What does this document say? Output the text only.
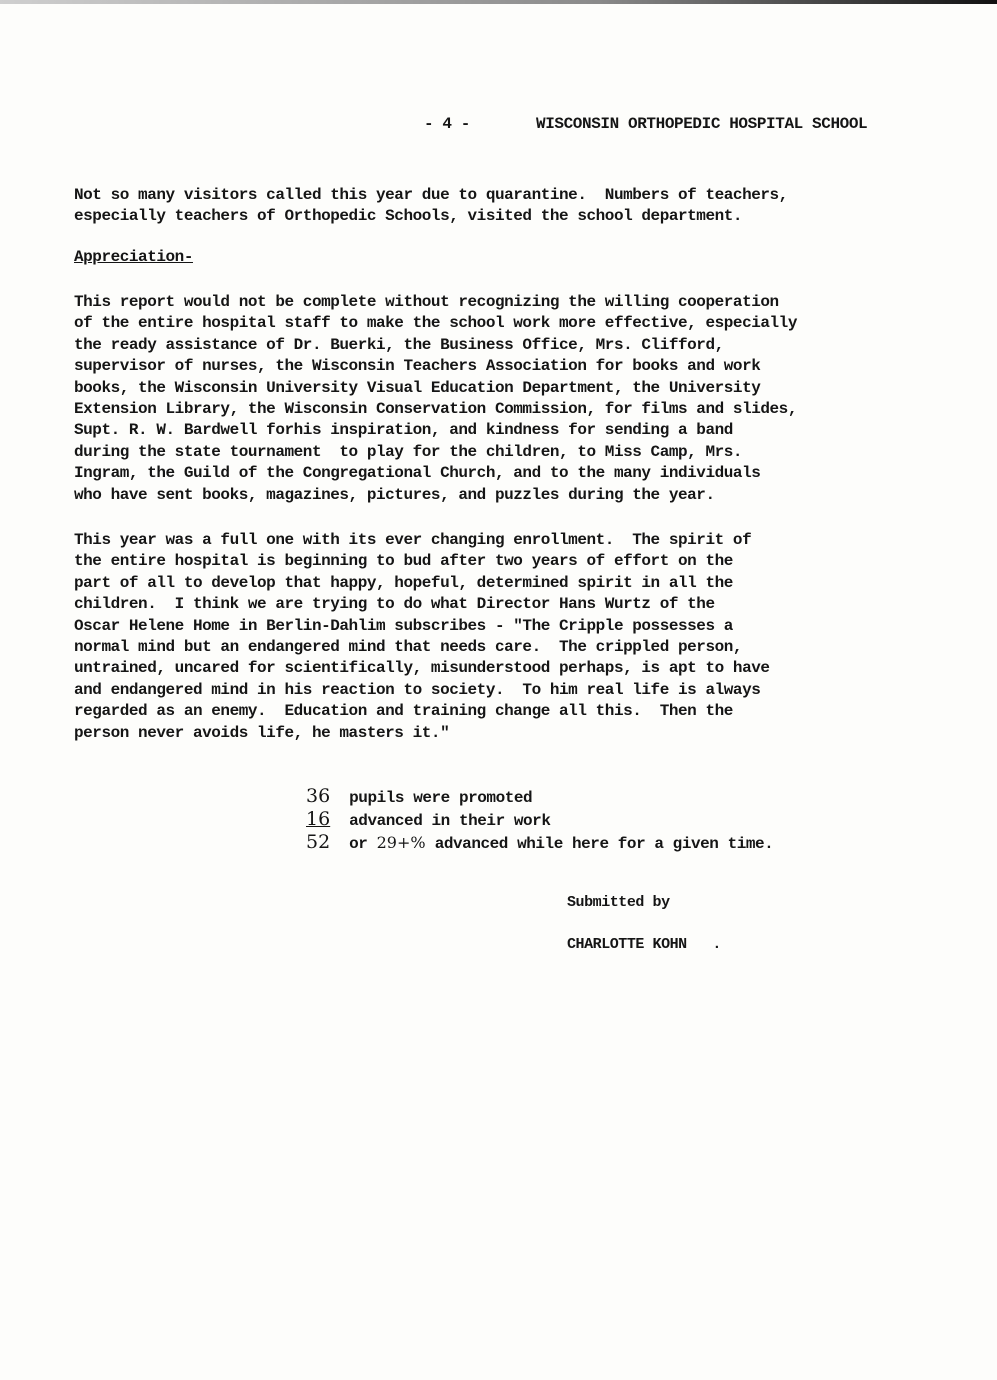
- 4 -	WISCONSIN ORTHOPEDIC HOSPITAL SCHOOL

Not so many visitors called this year due to quarantine.  Numbers of teachers,
especially teachers of Orthopedic Schools, visited the school department.

Appreciation-

This report would not be complete without recognizing the willing cooperation
of the entire hospital staff to make the school work more effective, especially
the ready assistance of Dr. Buerki, the Business Office, Mrs. Clifford,
supervisor of nurses, the Wisconsin Teachers Association for books and work
books, the Wisconsin University Visual Education Department, the University
Extension Library, the Wisconsin Conservation Commission, for films and slides,
Supt. R. W. Bardwell forhis inspiration, and kindness for sending a band
during the state tournament  to play for the children, to Miss Camp, Mrs.
Ingram, the Guild of the Congregational Church, and to the many individuals
who have sent books, magazines, pictures, and puzzles during the year.

This year was a full one with its ever changing enrollment.  The spirit of
the entire hospital is beginning to bud after two years of effort on the
part of all to develop that happy, hopeful, determined spirit in all the
children.  I think we are trying to do what Director Hans Wurtz of the
Oscar Helene Home in Berlin-Dahlim subscribes - "The Cripple possesses a
normal mind but an endangered mind that needs care.  The crippled person,
untrained, uncared for scientifically, misunderstood perhaps, is apt to have
and endangered mind in his reaction to society.  To him real life is always
regarded as an enemy.  Education and training change all this.  Then the
person never avoids life, he masters it."

36 pupils were promoted
16 advanced in their work
52 or 29+% advanced while here for a given time.
Submitted by
CHARLOTTE KOHN .
